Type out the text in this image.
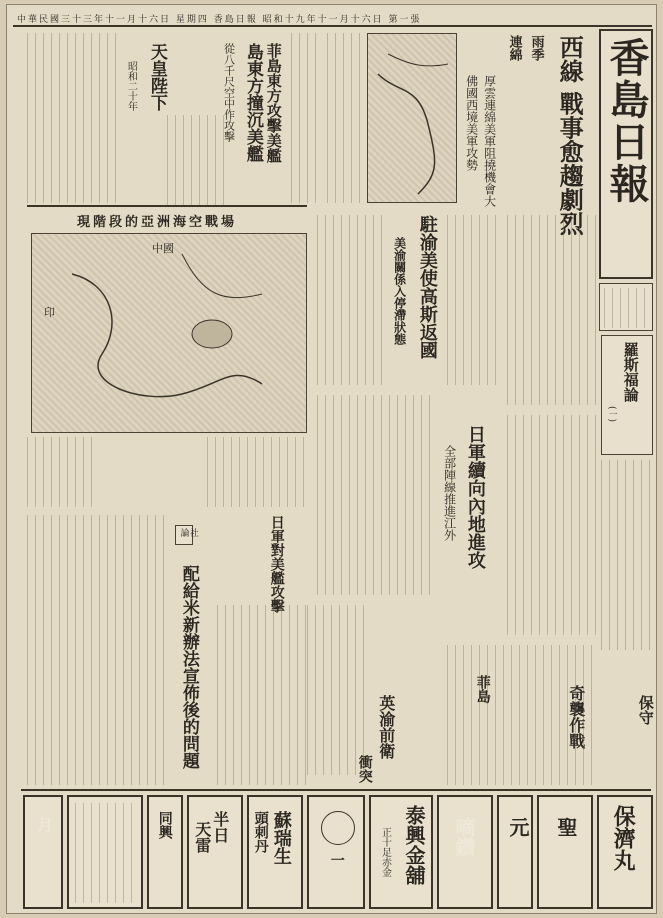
中華民國三十三年十一月十六日 星期四 香島日報 昭和十九年十一月十六日 第一張
香島日報
羅斯福論
(一)
西線 戰事愈趨劇烈
雨季
連綿
厚雲連綿美軍阻撓機會大
佛國西境美軍攻勢
菲島東方攻擊美艦
島東方撞沉美艦
從八千尺空中作攻擊
天皇陛下
昭和二十年
現階段的亞洲海空戰場
中國
印	駐渝美使高斯返國
美渝關係入停滯狀態
日軍續向內地進攻
全部陣線推進江外
社論
配給米新辦法宣佈後的問題
日軍對美艦攻擊
奇襲作戰
菲島
保守
英渝前衛
衝突
保濟丸
聖
元
嘀鑽
泰興金舖
正十足赤金
一
蘇瑞生
頭刺丹
半日
天雷
同興
月
